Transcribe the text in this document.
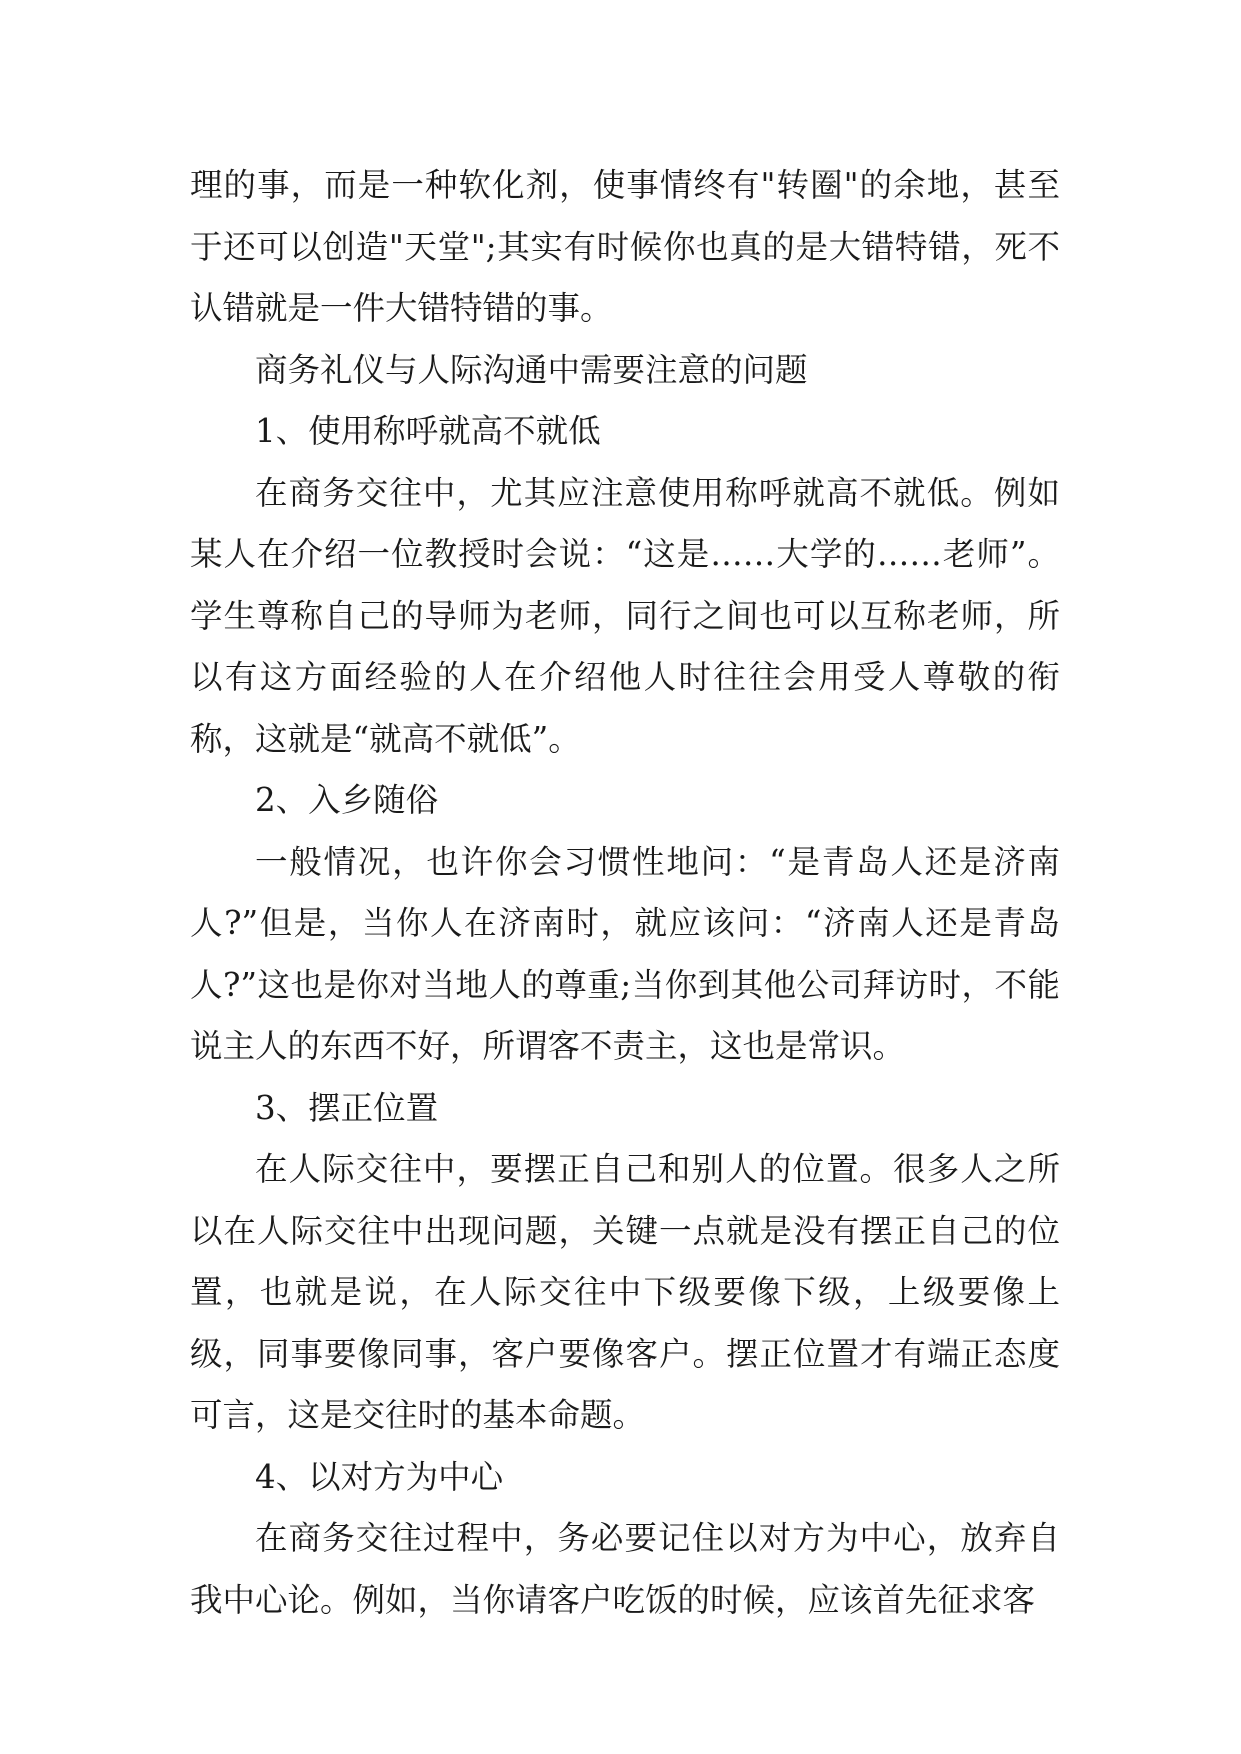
理的事，而是一种软化剂，使事情终有"转圈"的余地，甚至于还可以创造"天堂";其实有时候你也真的是大错特错，死不认错就是一件大错特错的事。

商务礼仪与人际沟通中需要注意的问题

1、使用称呼就高不就低

在商务交往中，尤其应注意使用称呼就高不就低。例如某人在介绍一位教授时会说：“这是……大学的……老师”。学生尊称自己的导师为老师，同行之间也可以互称老师，所以有这方面经验的人在介绍他人时往往会用受人尊敬的衔称，这就是“就高不就低”。

2、入乡随俗

一般情况，也许你会习惯性地问：“是青岛人还是济南人?”但是，当你人在济南时，就应该问：“济南人还是青岛人?”这也是你对当地人的尊重;当你到其他公司拜访时，不能说主人的东西不好，所谓客不责主，这也是常识。

3、摆正位置

在人际交往中，要摆正自己和别人的位置。很多人之所以在人际交往中出现问题，关键一点就是没有摆正自己的位置，也就是说，在人际交往中下级要像下级，上级要像上级，同事要像同事，客户要像客户。摆正位置才有端正态度可言，这是交往时的基本命题。

4、以对方为中心

在商务交往过程中，务必要记住以对方为中心，放弃自我中心论。例如，当你请客户吃饭的时候，应该首先征求客
